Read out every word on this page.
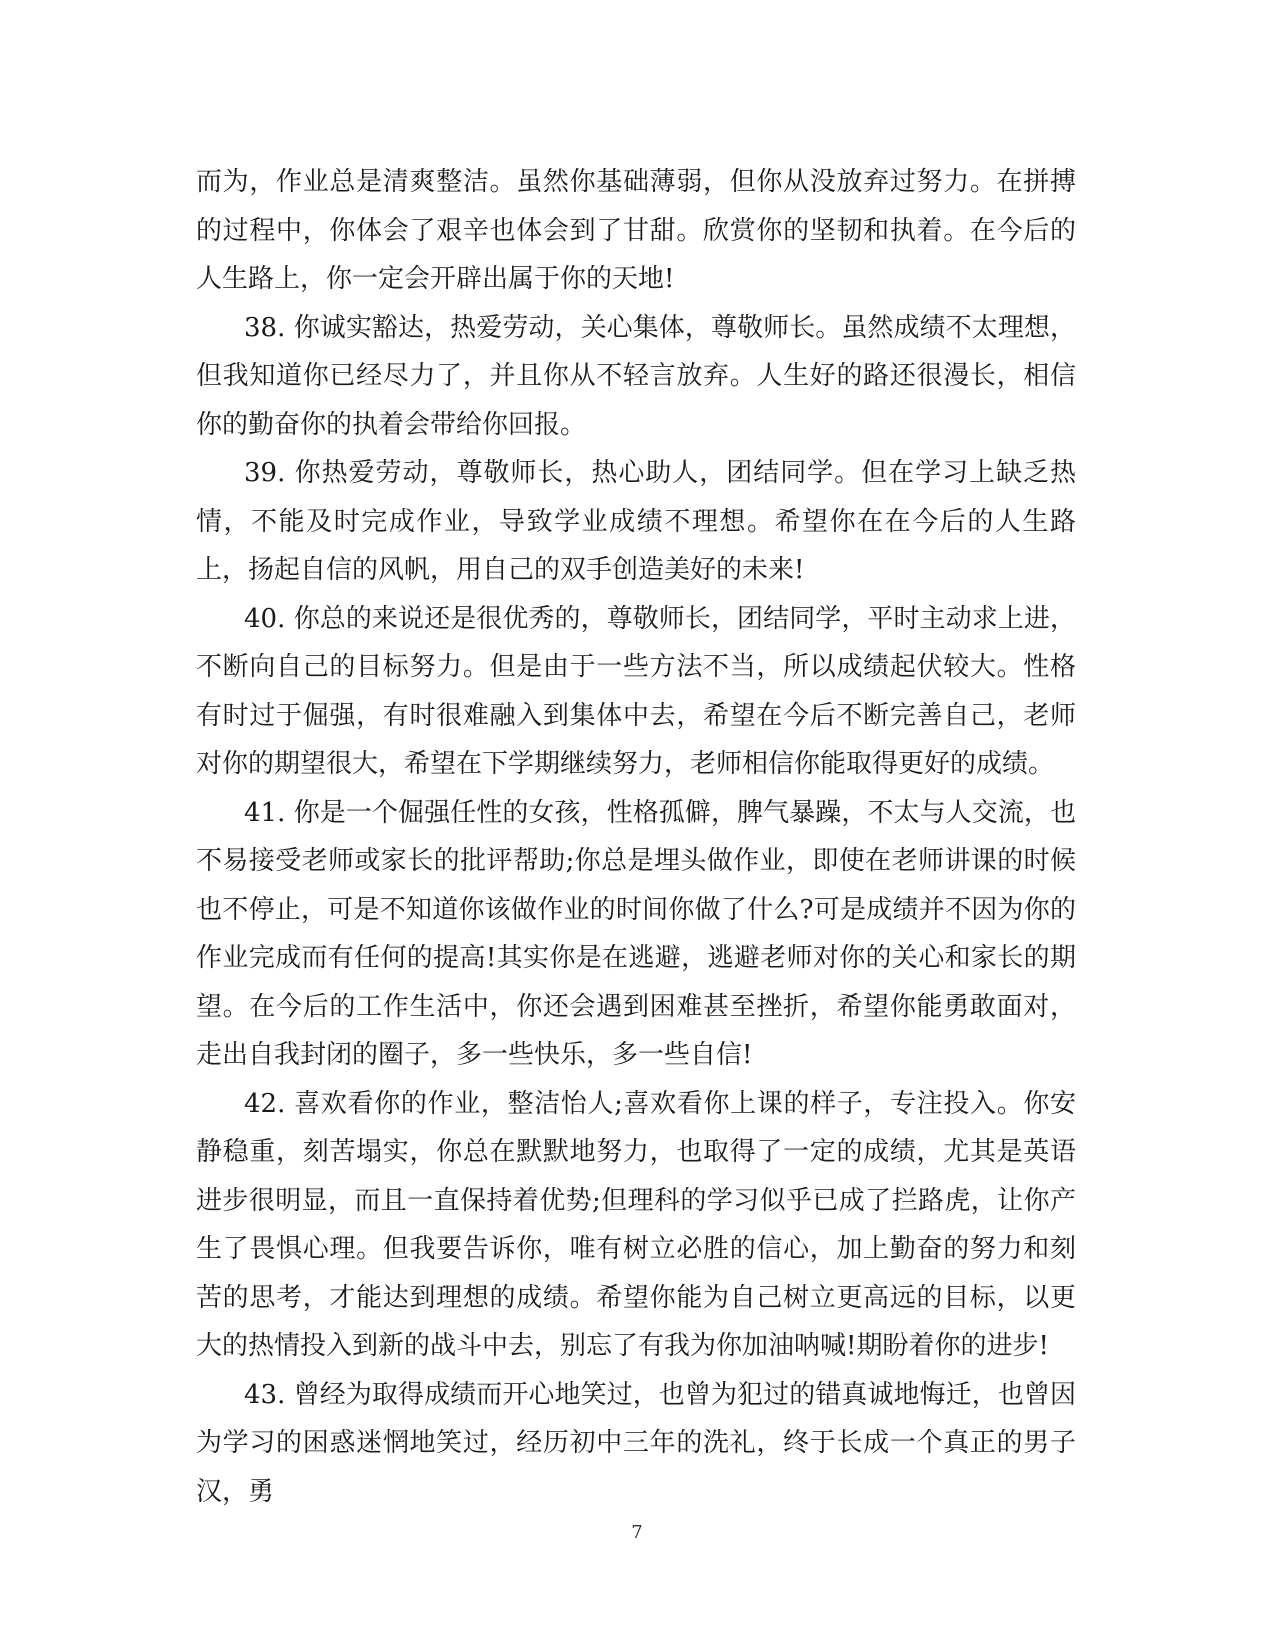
而为，作业总是清爽整洁。虽然你基础薄弱，但你从没放弃过努力。在拼搏的过程中，你体会了艰辛也体会到了甘甜。欣赏你的坚韧和执着。在今后的人生路上，你一定会开辟出属于你的天地!

38. 你诚实豁达，热爱劳动，关心集体，尊敬师长。虽然成绩不太理想，但我知道你已经尽力了，并且你从不轻言放弃。人生好的路还很漫长，相信你的勤奋你的执着会带给你回报。

39. 你热爱劳动，尊敬师长，热心助人，团结同学。但在学习上缺乏热情，不能及时完成作业，导致学业成绩不理想。希望你在在今后的人生路上，扬起自信的风帆，用自己的双手创造美好的未来!

40. 你总的来说还是很优秀的，尊敬师长，团结同学，平时主动求上进，不断向自己的目标努力。但是由于一些方法不当，所以成绩起伏较大。性格有时过于倔强，有时很难融入到集体中去，希望在今后不断完善自己，老师对你的期望很大，希望在下学期继续努力，老师相信你能取得更好的成绩。

41. 你是一个倔强任性的女孩，性格孤僻，脾气暴躁，不太与人交流，也不易接受老师或家长的批评帮助;你总是埋头做作业，即使在老师讲课的时候也不停止，可是不知道你该做作业的时间你做了什么?可是成绩并不因为你的作业完成而有任何的提高!其实你是在逃避，逃避老师对你的关心和家长的期望。在今后的工作生活中，你还会遇到困难甚至挫折，希望你能勇敢面对，走出自我封闭的圈子，多一些快乐，多一些自信!

42. 喜欢看你的作业，整洁怡人;喜欢看你上课的样子，专注投入。你安静稳重，刻苦塌实，你总在默默地努力，也取得了一定的成绩，尤其是英语进步很明显，而且一直保持着优势;但理科的学习似乎已成了拦路虎，让你产生了畏惧心理。但我要告诉你，唯有树立必胜的信心，加上勤奋的努力和刻苦的思考，才能达到理想的成绩。希望你能为自己树立更高远的目标，以更大的热情投入到新的战斗中去，别忘了有我为你加油呐喊!期盼着你的进步!

43. 曾经为取得成绩而开心地笑过，也曾为犯过的错真诚地悔迁，也曾因为学习的困惑迷惘地笑过，经历初中三年的洗礼，终于长成一个真正的男子汉，勇

7
